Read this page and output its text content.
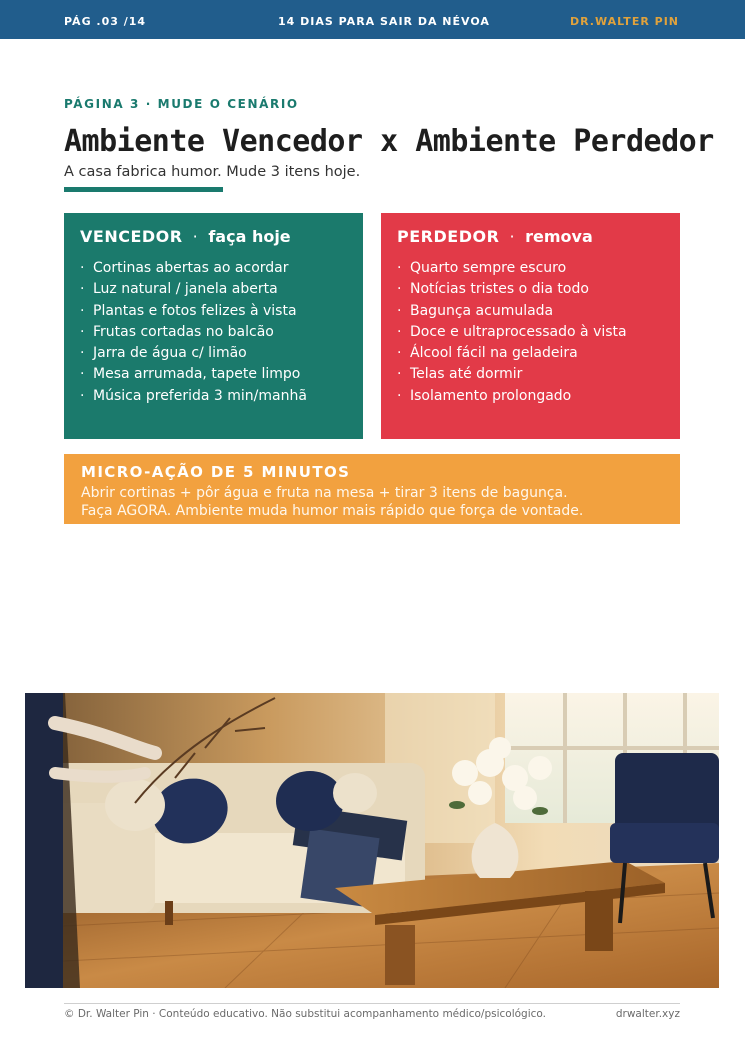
PÁG .03 /14	14 DIAS PARA SAIR DA NÉVOA	DR.WALTER PIN
PÁGINA 3 · MUDE O CENÁRIO
Ambiente Vencedor x Ambiente Perdedor

A casa fabrica humor. Mude 3 itens hoje.

VENCEDOR · faça hoje
· Cortinas abertas ao acordar
· Luz natural / janela aberta
· Plantas e fotos felizes à vista
· Frutas cortadas no balcão
· Jarra de água c/ limão
· Mesa arrumada, tapete limpo
· Música preferida 3 min/manhã
PERDEDOR · remova
· Quarto sempre escuro
· Notícias tristes o dia todo
· Bagunça acumulada
· Doce e ultraprocessado à vista
· Álcool fácil na geladeira
· Telas até dormir
· Isolamento prolongado
MICRO-AÇÃO DE 5 MINUTOS

Abrir cortinas + pôr água e fruta na mesa + tirar 3 itens de bagunça.

Faça AGORA. Ambiente muda humor mais rápido que força de vontade.

© Dr. Walter Pin · Conteúdo educativo. Não substitui acompanhamento médico/psicológico.	drwalter.xyz
